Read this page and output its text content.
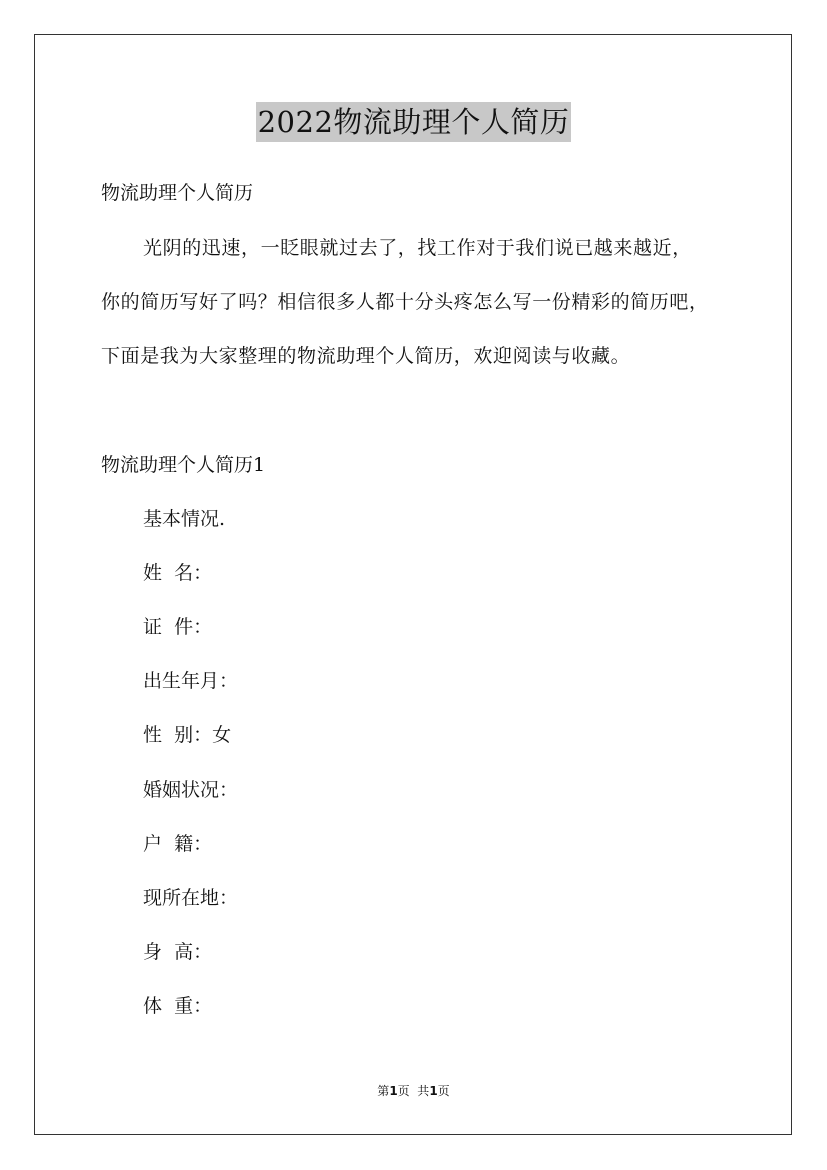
2022物流助理个人简历
物流助理个人简历
光阴的迅速，一眨眼就过去了，找工作对于我们说已越来越近，
你的简历写好了吗？相信很多人都十分头疼怎么写一份精彩的简历吧，
下面是我为大家整理的物流助理个人简历，欢迎阅读与收藏。
物流助理个人简历1
基本情况.
姓  名：
证  件：
出生年月：
性  别：女
婚姻状况：
户  籍：
现所在地：
身  高：
体  重：
第1页  共1页
